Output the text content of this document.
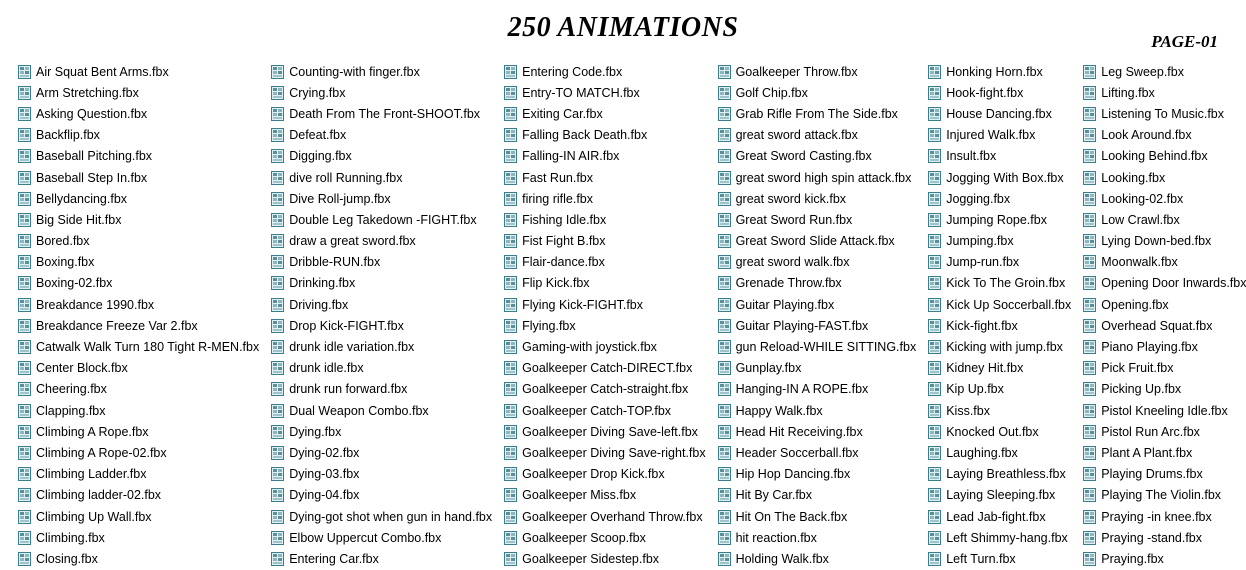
250 ANIMATIONS	PAGE-01
Air Squat Bent Arms.fbx
Arm Stretching.fbx
Asking Question.fbx
Backflip.fbx
Baseball Pitching.fbx
Baseball Step In.fbx
Bellydancing.fbx
Big Side Hit.fbx
Bored.fbx
Boxing.fbx
Boxing-02.fbx
Breakdance 1990.fbx
Breakdance Freeze Var 2.fbx
Catwalk Walk Turn 180 Tight R-MEN.fbx
Center Block.fbx
Cheering.fbx
Clapping.fbx
Climbing A Rope.fbx
Climbing A Rope-02.fbx
Climbing Ladder.fbx
Climbing ladder-02.fbx
Climbing Up Wall.fbx
Climbing.fbx
Closing.fbx
Counting-with finger.fbx
Crying.fbx
Death From The Front-SHOOT.fbx
Defeat.fbx
Digging.fbx
dive roll Running.fbx
Dive Roll-jump.fbx
Double Leg Takedown -FIGHT.fbx
draw a great sword.fbx
Dribble-RUN.fbx
Drinking.fbx
Driving.fbx
Drop Kick-FIGHT.fbx
drunk idle variation.fbx
drunk idle.fbx
drunk run forward.fbx
Dual Weapon Combo.fbx
Dying.fbx
Dying-02.fbx
Dying-03.fbx
Dying-04.fbx
Dying-got shot when gun in hand.fbx
Elbow Uppercut Combo.fbx
Entering Car.fbx
Entering Code.fbx
Entry-TO MATCH.fbx
Exiting Car.fbx
Falling Back Death.fbx
Falling-IN AIR.fbx
Fast Run.fbx
firing rifle.fbx
Fishing Idle.fbx
Fist Fight B.fbx
Flair-dance.fbx
Flip Kick.fbx
Flying Kick-FIGHT.fbx
Flying.fbx
Gaming-with joystick.fbx
Goalkeeper Catch-DIRECT.fbx
Goalkeeper Catch-straight.fbx
Goalkeeper Catch-TOP.fbx
Goalkeeper Diving Save-left.fbx
Goalkeeper Diving Save-right.fbx
Goalkeeper Drop Kick.fbx
Goalkeeper Miss.fbx
Goalkeeper Overhand Throw.fbx
Goalkeeper Scoop.fbx
Goalkeeper Sidestep.fbx
Goalkeeper Throw.fbx
Golf Chip.fbx
Grab Rifle From The Side.fbx
great sword attack.fbx
Great Sword Casting.fbx
great sword high spin attack.fbx
great sword kick.fbx
Great Sword Run.fbx
Great Sword Slide Attack.fbx
great sword walk.fbx
Grenade Throw.fbx
Guitar Playing.fbx
Guitar Playing-FAST.fbx
gun Reload-WHILE SITTING.fbx
Gunplay.fbx
Hanging-IN A ROPE.fbx
Happy Walk.fbx
Head Hit Receiving.fbx
Header Soccerball.fbx
Hip Hop Dancing.fbx
Hit By Car.fbx
Hit On The Back.fbx
hit reaction.fbx
Holding Walk.fbx
Honking Horn.fbx
Hook-fight.fbx
House Dancing.fbx
Injured Walk.fbx
Insult.fbx
Jogging With Box.fbx
Jogging.fbx
Jumping Rope.fbx
Jumping.fbx
Jump-run.fbx
Kick To The Groin.fbx
Kick Up Soccerball.fbx
Kick-fight.fbx
Kicking with jump.fbx
Kidney Hit.fbx
Kip Up.fbx
Kiss.fbx
Knocked Out.fbx
Laughing.fbx
Laying Breathless.fbx
Laying Sleeping.fbx
Lead Jab-fight.fbx
Left Shimmy-hang.fbx
Left Turn.fbx
Leg Sweep.fbx
Lifting.fbx
Listening To Music.fbx
Look Around.fbx
Looking Behind.fbx
Looking.fbx
Looking-02.fbx
Low Crawl.fbx
Lying Down-bed.fbx
Moonwalk.fbx
Opening Door Inwards.fbx
Opening.fbx
Overhead Squat.fbx
Piano Playing.fbx
Pick Fruit.fbx
Picking Up.fbx
Pistol Kneeling Idle.fbx
Pistol Run Arc.fbx
Plant A Plant.fbx
Playing Drums.fbx
Playing The Violin.fbx
Praying -in knee.fbx
Praying -stand.fbx
Praying.fbx
